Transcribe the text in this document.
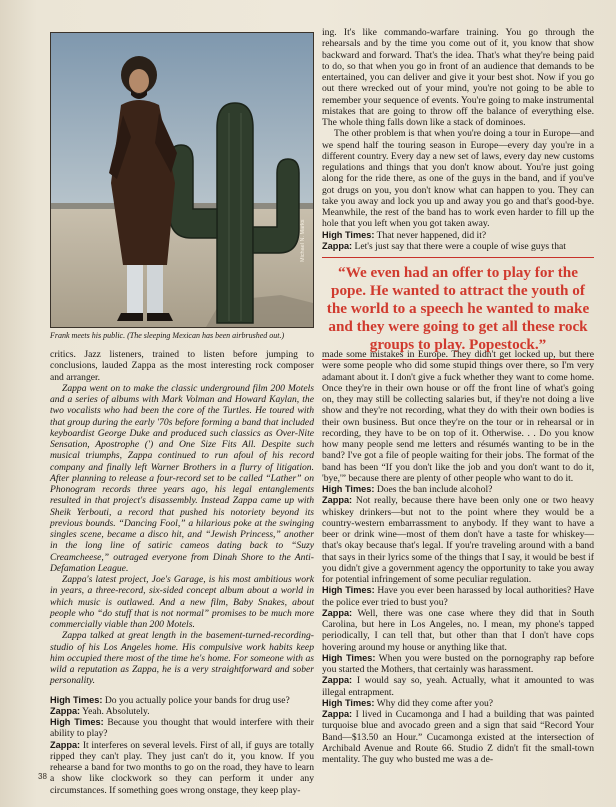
Michael N. Marks
Frank meets his public. (The sleeping Mexican has been airbrushed out.)

critics. Jazz listeners, trained to listen before jumping to conclusions, lauded Zappa as the most interesting rock composer and arranger.

Zappa went on to make the classic underground film 200 Motels and a series of albums with Mark Volman and Howard Kaylan, the two vocalists who had been the core of the Turtles. He toured with that group during the early '70s before forming a band that included keyboardist George Duke and produced such classics as Over-Nite Sensation, Apostrophe (') and One Size Fits All. Despite such musical triumphs, Zappa continued to run afoul of his record company and finally left Warner Brothers in a flurry of litigation. After planning to release a four-record set to be called “Lather” on Phonogram records three years ago, his legal entanglements resulted in that project's disassembly. Instead Zappa came up with Sheik Yerbouti, a record that pushed his notoriety beyond its previous bounds. “Dancing Fool,” a hilarious poke at the swinging singles scene, became a disco hit, and “Jewish Princess,” another in the long line of satiric cameos dating back to “Suzy Creamcheese,” outraged everyone from Dinah Shore to the Anti-Defamation League.

Zappa's latest project, Joe's Garage, is his most ambitious work in years, a three-record, six-sided concept album about a world in which music is outlawed. And a new film, Baby Snakes, about people who “do stuff that is not normal” promises to be much more commercially viable than 200 Motels.

Zappa talked at great length in the basement-turned-recording-studio of his Los Angeles home. His compulsive work habits keep him occupied there most of the time he's home. For someone with as wild a reputation as Zappa, he is a very straightforward and sober personality.

High Times: Do you actually police your bands for drug use?

Zappa: Yeah. Absolutely.

High Times: Because you thought that would interfere with their ability to play?

Zappa: It interferes on several levels. First of all, if guys are totally ripped they can't play. They just can't do it, you know. If you rehearse a band for two months to go on the road, they have to learn a show like clockwork so they can perform it under any circumstances. If something goes wrong onstage, they keep play-

ing. It's like commando-warfare training. You go through the rehearsals and by the time you come out of it, you know that show backward and forward. That's the idea. That's what they're being paid to do, so that when you go in front of an audience that demands to be entertained, you can deliver and give it your best shot. Now if you go out there wrecked out of your mind, you're not going to be able to remember your sequence of events. You're going to make instrumental mistakes that are going to throw off the balance of everything else. The whole thing falls down like a stack of dominoes.

The other problem is that when you're doing a tour in Europe—and we spend half the touring season in Europe—every day you're in a different country. Every day a new set of laws, every day new customs regulations and things that you don't know about. You're just going along for the ride there, as one of the guys in the band, and if you've got drugs on you, you don't know what can happen to you. They can take you away and lock you up and away you go and that's good-bye. Meanwhile, the rest of the band has to work even harder to fill up the hole that you left when you got taken away.

High Times: That never happened, did it?

Zappa: Let's just say that there were a couple of wise guys that

“We even had an offer to play for the pope. He wanted to attract the youth of the world to a speech he wanted to make and they were going to get all these rock groups to play. Popestock.”

made some mistakes in Europe. They didn't get locked up, but there were some people who did some stupid things over there, so I'm very adamant about it. I don't give a fuck whether they want to come home. Once they're in their own house or off the front line of what's going on, they may still be collecting salaries but, if they're not doing a live show and they're not recording, what they do with their own bodies is their own business. But once they're on the tour or in rehearsal or in recording, they have to be on top of it. Otherwise. . . Do you know how many people send me letters and résumés wanting to be in the band? I've got a file of people waiting for their jobs. The format of the band has been “If you don't like the job and you don't want to do it, 'bye,'” because there are plenty of other people who want to do it.

High Times: Does the ban include alcohol?

Zappa: Not really, because there have been only one or two heavy whiskey drinkers—but not to the point where they would be a country-western embarrassment to anybody. If they want to have a beer or drink wine—most of them don't have a taste for whiskey—that's okay because that's legal. If you're traveling around with a band that says in their lyrics some of the things that I say, it would be best if you didn't give a government agency the opportunity to take you away for potential infringement of some peculiar regulation.

High Times: Have you ever been harassed by local authorities? Have the police ever tried to bust you?

Zappa: Well, there was one case where they did that in South Carolina, but here in Los Angeles, no. I mean, my phone's tapped periodically, I can tell that, but other than that I don't have cops hovering around my house or anything like that.

High Times: When you were busted on the pornography rap before you started the Mothers, that certainly was harassment.

Zappa: I would say so, yeah. Actually, what it amounted to was illegal entrapment.

High Times: Why did they come after you?

Zappa: I lived in Cucamonga and I had a building that was painted turquoise blue and avocado green and a sign that said “Record Your Band—$13.50 an Hour.” Cucamonga existed at the intersection of Archibald Avenue and Route 66. Studio Z didn't fit the small-town mentality. The guy who busted me was a de-

38
